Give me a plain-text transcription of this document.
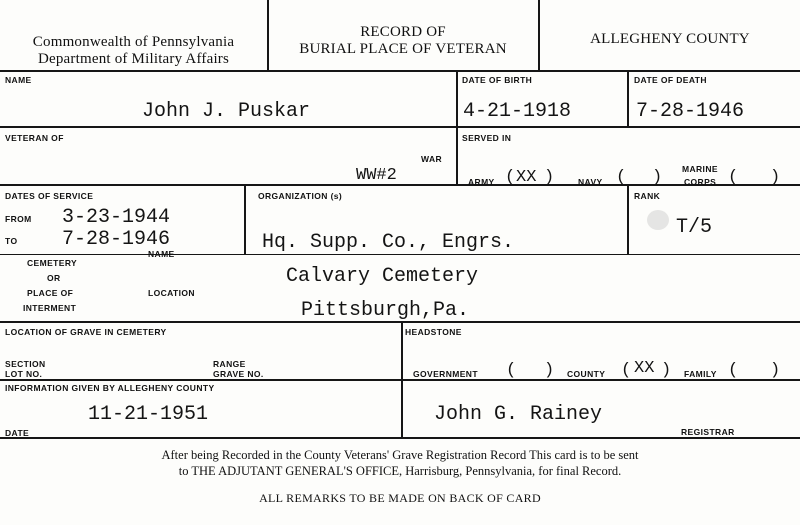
Commonwealth of Pennsylvania
Department of Military Affairs
RECORD OF
BURIAL PLACE OF VETERAN
ALLEGHENY COUNTY
NAME	DATE OF BIRTH	DATE OF DEATH
John J. Puskar	4-21-1918	7-28-1946
VETERAN OF
WAR
WW#2
SERVED IN
ARMY ( XX )	NAVY ( ) MARINE
CORPS ( )
DATES OF SERVICE
FROM 3-23-1944
TO 7-28-1946
ORGANIZATION (s)
Hq. Supp. Co., Engrs.
RANK
T/5
CEMETERY
OR
PLACE OF
INTERMENT
NAME
LOCATION
Calvary Cemetery
Pittsburgh,Pa.
LOCATION OF GRAVE IN CEMETERY
SECTION
LOT NO.
RANGE
GRAVE NO.
HEADSTONE
GOVERNMENT ( ) COUNTY ( XX ) FAMILY ( )
INFORMATION GIVEN BY ALLEGHENY COUNTY
11-21-1951
DATE
John G. Rainey
REGISTRAR
After being Recorded in the County Veterans' Grave Registration Record This card is to be sent
to THE ADJUTANT GENERAL'S OFFICE, Harrisburg, Pennsylvania, for final Record.
ALL REMARKS TO BE MADE ON BACK OF CARD
